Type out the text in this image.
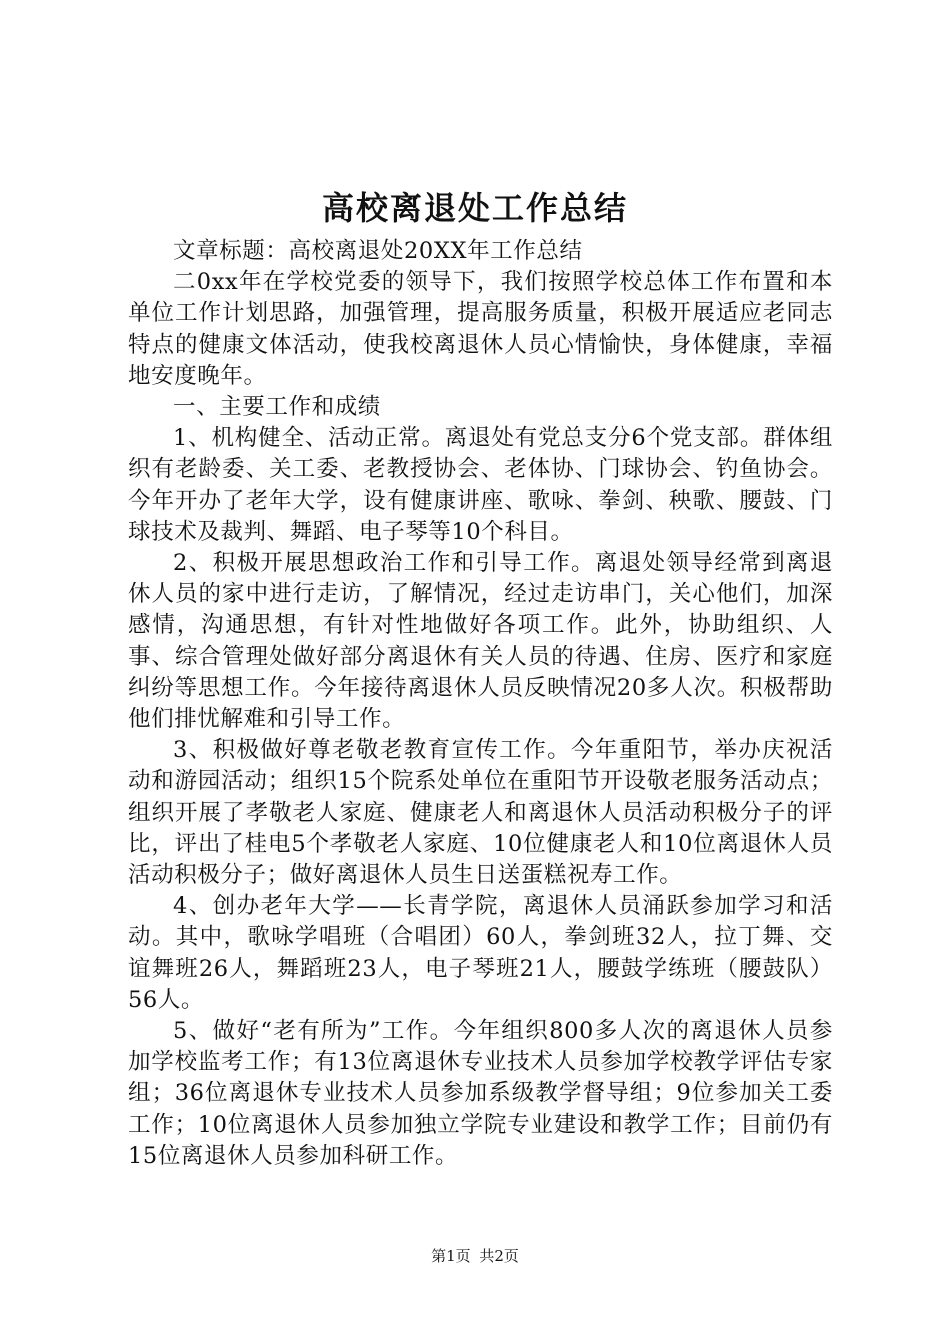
高校离退处工作总结

文章标题：高校离退处20XX年工作总结

二0xx年在学校党委的领导下，我们按照学校总体工作布置和本单位工作计划思路，加强管理，提高服务质量，积极开展适应老同志特点的健康文体活动，使我校离退休人员心情愉快，身体健康，幸福地安度晚年。

一、主要工作和成绩

1、机构健全、活动正常。离退处有党总支分6个党支部。群体组织有老龄委、关工委、老教授协会、老体协、门球协会、钓鱼协会。今年开办了老年大学，设有健康讲座、歌咏、拳剑、秧歌、腰鼓、门球技术及裁判、舞蹈、电子琴等10个科目。

2、积极开展思想政治工作和引导工作。离退处领导经常到离退休人员的家中进行走访，了解情况，经过走访串门，关心他们，加深感情，沟通思想，有针对性地做好各项工作。此外，协助组织、人事、综合管理处做好部分离退休有关人员的待遇、住房、医疗和家庭纠纷等思想工作。今年接待离退休人员反映情况20多人次。积极帮助他们排忧解难和引导工作。

3、积极做好尊老敬老教育宣传工作。今年重阳节，举办庆祝活动和游园活动；组织15个院系处单位在重阳节开设敬老服务活动点；组织开展了孝敬老人家庭、健康老人和离退休人员活动积极分子的评比，评出了桂电5个孝敬老人家庭、10位健康老人和10位离退休人员活动积极分子；做好离退休人员生日送蛋糕祝寿工作。

4、创办老年大学——长青学院，离退休人员涌跃参加学习和活动。其中，歌咏学唱班（合唱团）60人，拳剑班32人，拉丁舞、交谊舞班26人，舞蹈班23人，电子琴班21人，腰鼓学练班（腰鼓队）56人。

5、做好“老有所为”工作。今年组织800多人次的离退休人员参加学校监考工作；有13位离退休专业技术人员参加学校教学评估专家组；36位离退休专业技术人员参加系级教学督导组；9位参加关工委工作；10位离退休人员参加独立学院专业建设和教学工作；目前仍有15位离退休人员参加科研工作。

第1页 共2页
